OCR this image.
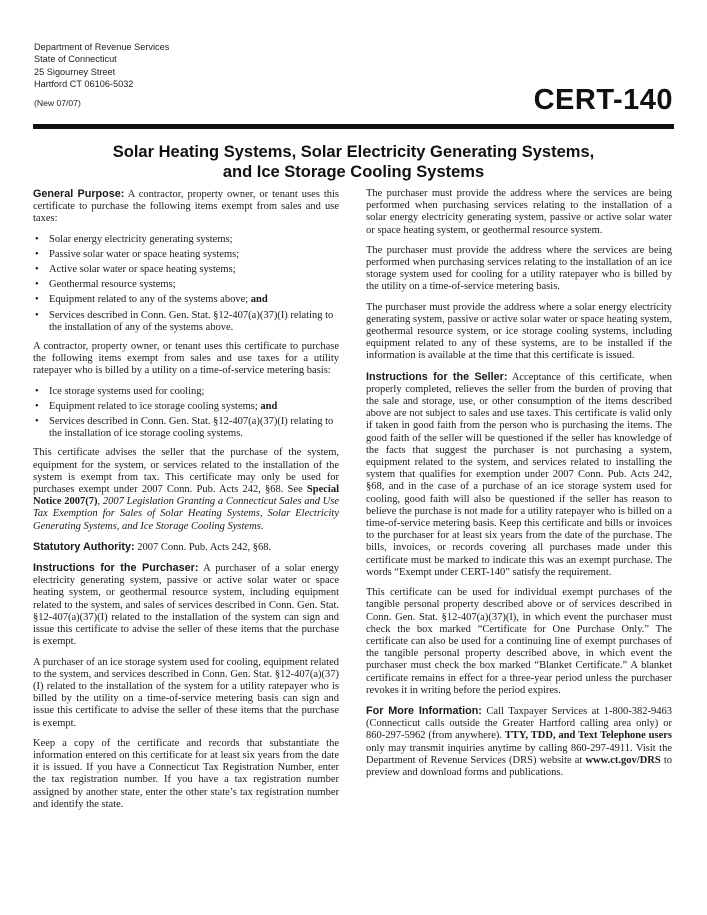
Department of Revenue Services
State of Connecticut
25 Sigourney Street
Hartford CT 06106-5032
(New 07/07)	CERT-140
Solar Heating Systems, Solar Electricity Generating Systems,
and Ice Storage Cooling Systems

General Purpose: A contractor, property owner, or tenant uses this certificate to purchase the following items exempt from sales and use taxes:

• Solar energy electricity generating systems;
• Passive solar water or space heating systems;
• Active solar water or space heating systems;
• Geothermal resource systems;
• Equipment related to any of the systems above; and
• Services described in Conn. Gen. Stat. §12-407(a)(37)(I) relating to the installation of any of the systems above.

A contractor, property owner, or tenant uses this certificate to purchase the following items exempt from sales and use taxes for a utility ratepayer who is billed by a utility on a time-of-service metering basis:

• Ice storage systems used for cooling;
• Equipment related to ice storage cooling systems; and
• Services described in Conn. Gen. Stat. §12-407(a)(37)(I) relating to the installation of ice storage cooling systems.

This certificate advises the seller that the purchase of the system, equipment for the system, or services related to the installation of the system is exempt from tax. This certificate may only be used for purchases exempt under 2007 Conn. Pub. Acts 242, §68. See Special Notice 2007(7), 2007 Legislation Granting a Connecticut Sales and Use Tax Exemption for Sales of Solar Heating Systems, Solar Electricity Generating Systems, and Ice Storage Cooling Systems.

Statutory Authority: 2007 Conn. Pub. Acts 242, §68.

Instructions for the Purchaser: A purchaser of a solar energy electricity generating system, passive or active solar water or space heating system, or geothermal resource system, including equipment related to the system, and sales of services described in Conn. Gen. Stat. §12-407(a)(37)(I) related to the installation of the system can sign and issue this certificate to advise the seller of these items that the purchase is exempt.

A purchaser of an ice storage system used for cooling, equipment related to the system, and services described in Conn. Gen. Stat. §12-407(a)(37)(I) related to the installation of the system for a utility ratepayer who is billed by the utility on a time-of-service metering basis can sign and issue this certificate to advise the seller of these items that the purchase is exempt.

Keep a copy of the certificate and records that substantiate the information entered on this certificate for at least six years from the date it is issued. If you have a Connecticut Tax Registration Number, enter the tax registration number. If you have a tax registration number assigned by another state, enter the other state’s tax registration number and identify the state.

The purchaser must provide the address where the services are being performed when purchasing services relating to the installation of a solar energy electricity generating system, passive or active solar water or space heating system, or geothermal resource system.

The purchaser must provide the address where the services are being performed when purchasing services relating to the installation of an ice storage system used for cooling for a utility ratepayer who is billed by the utility on a time-of-service metering basis.

The purchaser must provide the address where a solar energy electricity generating system, passive or active solar water or space heating system, geothermal resource system, or ice storage cooling systems, including equipment related to any of these systems, are to be installed if the information is available at the time that this certificate is issued.

Instructions for the Seller: Acceptance of this certificate, when properly completed, relieves the seller from the burden of proving that the sale and storage, use, or other consumption of the items described above are not subject to sales and use taxes. This certificate is valid only if taken in good faith from the person who is purchasing the items. The good faith of the seller will be questioned if the seller has knowledge of the facts that suggest the purchaser is not purchasing a system, equipment related to the system, and services related to installing the system that qualifies for exemption under 2007 Conn. Pub. Acts 242, §68, and in the case of a purchase of an ice storage system used for cooling, good faith will also be questioned if the seller has reason to believe the purchase is not made for a utility ratepayer who is billed on a time-of-service metering basis. Keep this certificate and bills or invoices to the purchaser for at least six years from the date of the purchase. The bills, invoices, or records covering all purchases made under this certificate must be marked to indicate this was an exempt purchase. The words “Exempt under CERT-140” satisfy the requirement.

This certificate can be used for individual exempt purchases of the tangible personal property described above or of services described in Conn. Gen. Stat. §12-407(a)(37)(I), in which event the purchaser must check the box marked “Certificate for One Purchase Only.” The certificate can also be used for a continuing line of exempt purchases of the tangible personal property described above, in which event the purchaser must check the box marked “Blanket Certificate.” A blanket certificate remains in effect for a three-year period unless the purchaser revokes it in writing before the period expires.

For More Information: Call Taxpayer Services at 1-800-382-9463 (Connecticut calls outside the Greater Hartford calling area only) or 860-297-5962 (from anywhere). TTY, TDD, and Text Telephone users only may transmit inquiries anytime by calling 860-297-4911. Visit the Department of Revenue Services (DRS) website at www.ct.gov/DRS to preview and download forms and publications.
